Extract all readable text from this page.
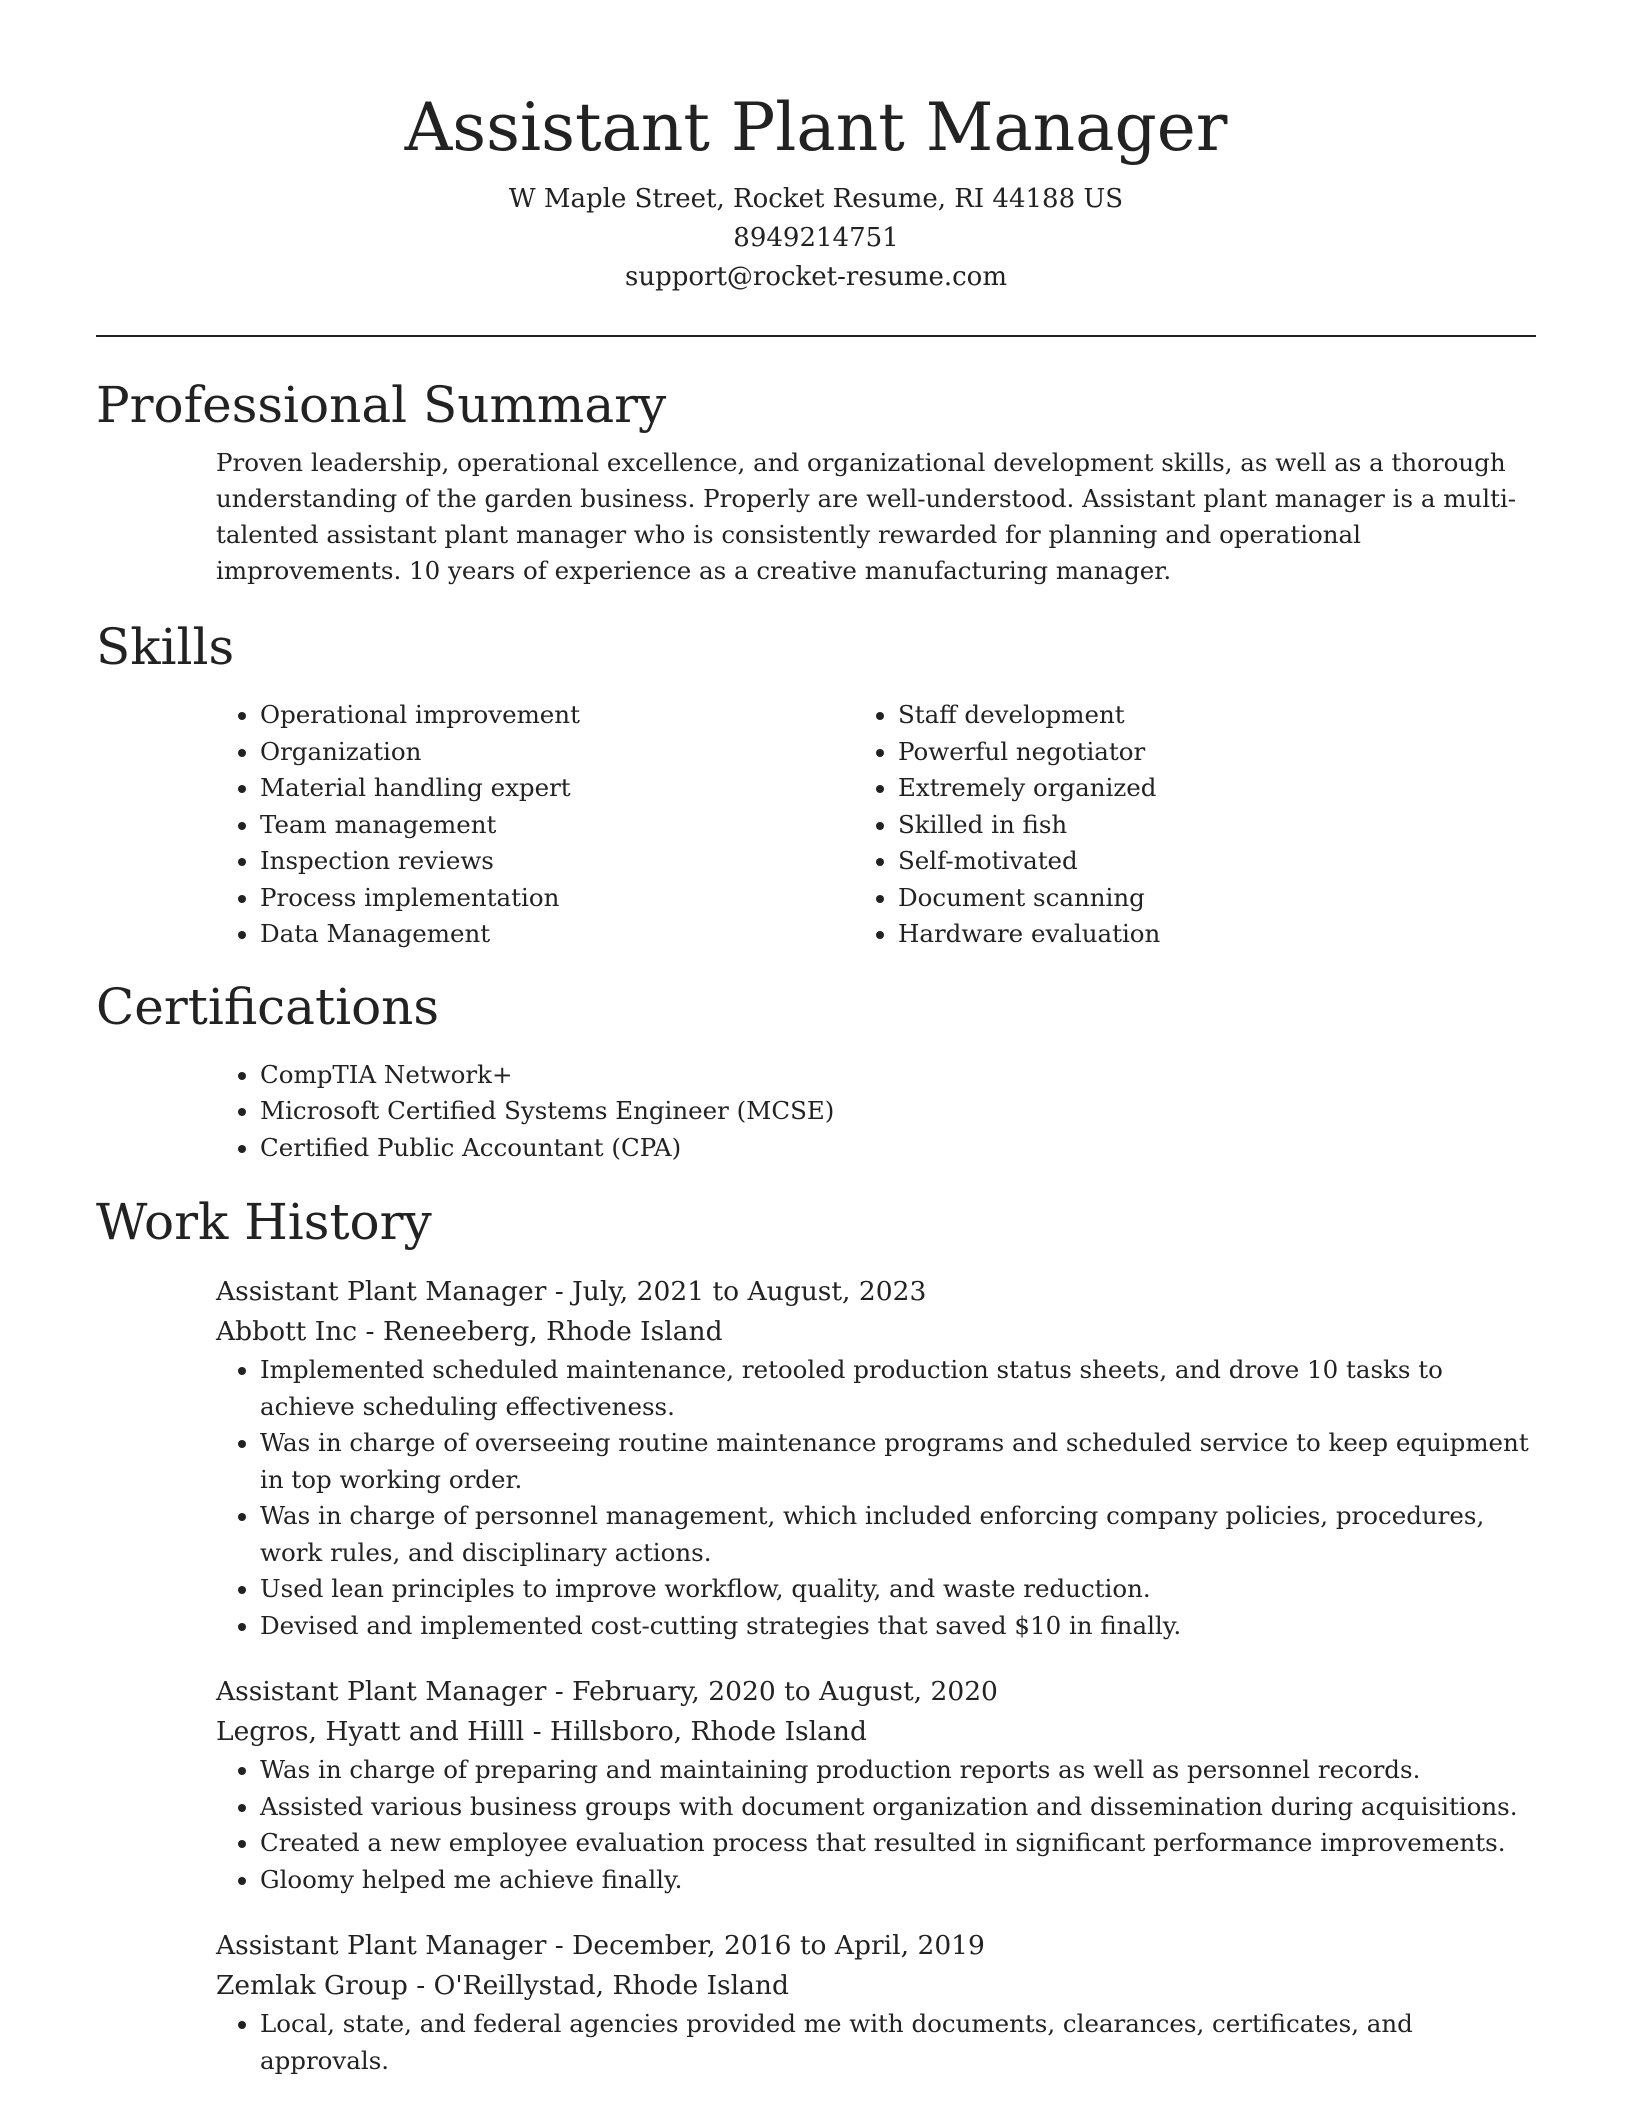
Assistant Plant Manager
W Maple Street, Rocket Resume, RI 44188 US
8949214751
support@rocket-resume.com
Professional Summary

Proven leadership, operational excellence, and organizational development skills, as well as a thorough understanding of the garden business. Properly are well-understood. Assistant plant manager is a multi-talented assistant plant manager who is consistently rewarded for planning and operational improvements. 10 years of experience as a creative manufacturing manager.

Skills
• Operational improvement
• Organization
• Material handling expert
• Team management
• Inspection reviews
• Process implementation
• Data Management
• Staff development
• Powerful negotiator
• Extremely organized
• Skilled in fish
• Self-motivated
• Document scanning
• Hardware evaluation
Certifications
• CompTIA Network+
• Microsoft Certified Systems Engineer (MCSE)
• Certified Public Accountant (CPA)
Work History
Assistant Plant Manager - July, 2021 to August, 2023
Abbott Inc - Reneeberg, Rhode Island
• Implemented scheduled maintenance, retooled production status sheets, and drove 10 tasks to achieve scheduling effectiveness.
• Was in charge of overseeing routine maintenance programs and scheduled service to keep equipment in top working order.
• Was in charge of personnel management, which included enforcing company policies, procedures, work rules, and disciplinary actions.
• Used lean principles to improve workflow, quality, and waste reduction.
• Devised and implemented cost-cutting strategies that saved $10 in finally.
Assistant Plant Manager - February, 2020 to August, 2020
Legros, Hyatt and Hilll - Hillsboro, Rhode Island
• Was in charge of preparing and maintaining production reports as well as personnel records.
• Assisted various business groups with document organization and dissemination during acquisitions.
• Created a new employee evaluation process that resulted in significant performance improvements.
• Gloomy helped me achieve finally.
Assistant Plant Manager - December, 2016 to April, 2019
Zemlak Group - O'Reillystad, Rhode Island
• Local, state, and federal agencies provided me with documents, clearances, certificates, and approvals.
